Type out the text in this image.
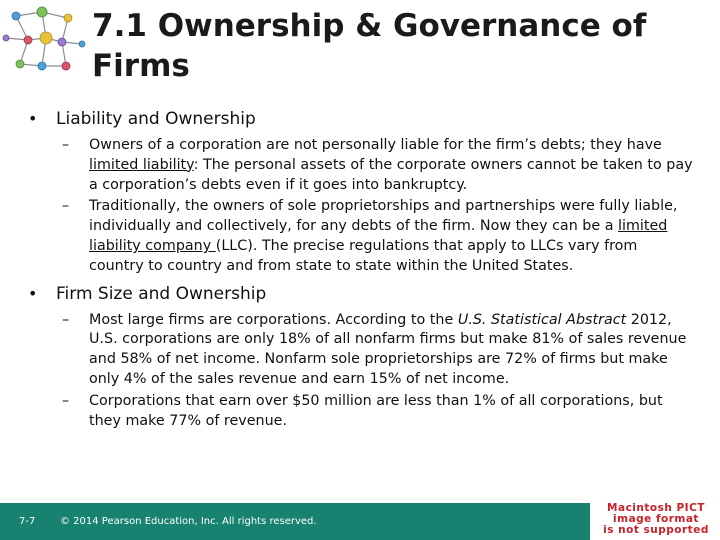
7.1 Ownership & Governance of Firms
•	Liability and Ownership
–	Owners of a corporation are not personally liable for the firm’s debts; they have limited liability: The personal assets of the corporate owners cannot be taken to pay a corporation’s debts even if it goes into bankruptcy.
–	Traditionally, the owners of sole proprietorships and partnerships were fully liable, individually and collectively, for any debts of the firm. Now they can be a limited liability company (LLC). The precise regulations that apply to LLCs vary from country to country and from state to state within the United States.
•	Firm Size and Ownership
–	Most large firms are corporations. According to the U.S. Statistical Abstract 2012, U.S. corporations are only 18% of all nonfarm firms but make 81% of sales revenue and 58% of net income. Nonfarm sole proprietorships are 72% of firms but make only 4% of the sales revenue and earn 15% of net income.
–	Corporations that earn over $50 million are less than 1% of all corporations, but they make 77% of revenue.
7-7 © 2014 Pearson Education, Inc. All rights reserved.
Macintosh PICT
image format
is not supported
